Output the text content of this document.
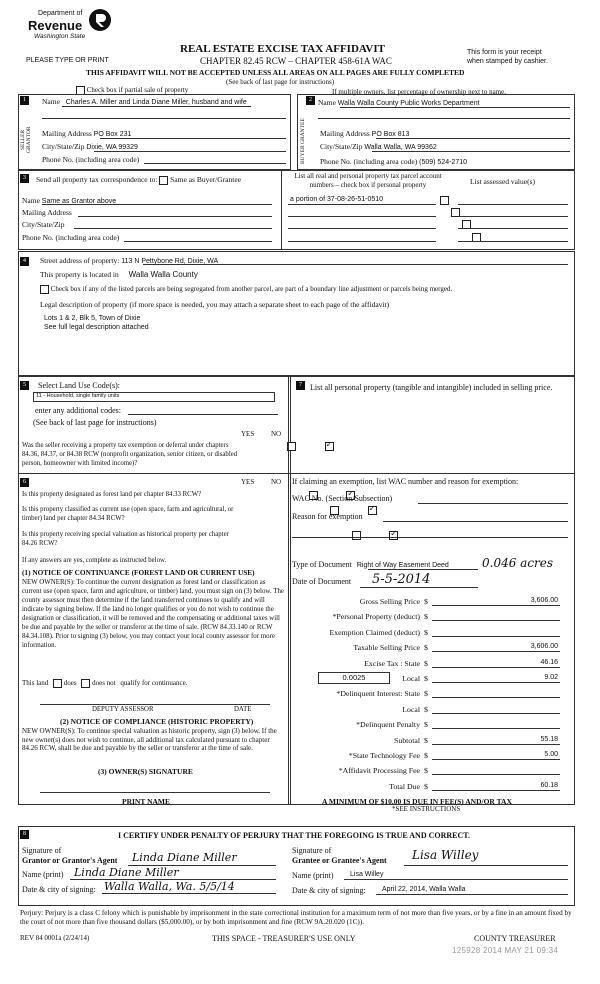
Department of
Revenue
Washington State
PLEASE TYPE OR PRINT
REAL ESTATE EXCISE TAX AFFIDAVIT
CHAPTER 82.45 RCW – CHAPTER 458-61A WAC
This form is your receipt
when stamped by cashier.
THIS AFFIDAVIT WILL NOT BE ACCEPTED UNLESS ALL AREAS ON ALL PAGES ARE FULLY COMPLETED
(See back of last page for instructions)
Check box if partial sale of property	If multiple owners, list percentage of ownership next to name.
1
SELLER GRANTOR
Name Charles A. Miller and Linda Diane Miller, husband and wife
Mailing Address PO Box 231
City/State/Zip Dixie, WA 99329
Phone No. (including area code)
2
BUYER GRANTEE
Name Walla Walla County Public Works Department
Mailing Address PO Box 813
City/State/Zip Walla Walla, WA 99362
Phone No. (including area code) (509) 524-2710
3	Send all property tax correspondence to: Same as Buyer/Grantee
Name Same as Grantor above
Mailing Address
City/State/Zip
Phone No. (including area code)
List all real and personal property tax parcel account numbers – check box if personal property	List assessed value(s)
a portion of 37-08-26-51-0510

4	Street address of property: 113 N Pettybone Rd, Dixie, WA
This property is located in Walla Walla County
Check box if any of the listed parcels are being segregated from another parcel, are part of a boundary line adjustment or parcels being merged.
Legal description of property (if more space is needed, you may attach a separate sheet to each page of the affidavit)
Lots 1 & 2, Blk 5, Town of Dixie
See full legal description attached
5	Select Land Use Code(s):
11 - Household, single family units
enter any additional codes:
(See back of last page for instructions)
YES NO
Was the seller receiving a property tax exemption or deferral under chapters 84.36, 84.37, or 84.38 RCW (nonprofit organization, senior citizen, or disabled person, homeowner with limited income)?
✓
7	List all personal property (tangible and intangible) included in selling price.
6	YES NO
Is this property designated as forest land per chapter 84.33 RCW?
✓
Is this property classified as current use (open space, farm and agricultural, or timber) land per chapter 84.34 RCW?
✓
Is this property receiving special valuation as historical property per chapter 84.26 RCW?
✓
If any answers are yes, complete as instructed below.
(1) NOTICE OF CONTINUANCE (FOREST LAND OR CURRENT USE)
NEW OWNER(S): To continue the current designation as forest land or classification as current use (open space, farm and agriculture, or timber) land, you must sign on (3) below. The county assessor must then determine if the land transferred continues to qualify and will indicate by signing below. If the land no longer qualifies or you do not wish to continue the designation or classification, it will be removed and the compensating or additional taxes will be due and payable by the seller or transferor at the time of sale. (RCW 84.33.140 or RCW 84.34.108). Prior to signing (3) below, you may contact your local county assessor for more information.
This land does does not qualify for continuance.
DEPUTY ASSESSOR	DATE
(2) NOTICE OF COMPLIANCE (HISTORIC PROPERTY)
NEW OWNER(S): To continue special valuation as historic property, sign (3) below. If the new owner(s) does not wish to continue, all additional tax calculated pursuant to chapter 84.26 RCW, shall be due and payable by the seller or transferor at the time of sale.
(3) OWNER(S) SIGNATURE
PRINT NAME
If claiming an exemption, list WAC number and reason for exemption:
WAC No. (Section/Subsection)
Reason for exemption
Type of Document Right of Way Easement Deed	0.046 acres
Date of Document 5-5-2014
Gross Selling Price $	3,606.00
*Personal Property (deduct) $
Exemption Claimed (deduct) $
Taxable Selling Price $	3,606.00
Excise Tax : State $	46.16
Local
0.0025	$	9.02
*Delinquent Interest: State $
Local $
*Delinquent Penalty $
Subtotal $	55.18
*State Technology Fee $	5.00
*Affidavit Processing Fee $
Total Due $	60.18
A MINIMUM OF $10.00 IS DUE IN FEE(S) AND/OR TAX
*SEE INSTRUCTIONS
8	I CERTIFY UNDER PENALTY OF PERJURY THAT THE FOREGOING IS TRUE AND CORRECT.
Signature of
Grantor or Grantor's Agent Linda Diane Miller
Name (print) Linda Diane Miller
Date & city of signing: Walla Walla, Wa. 5/5/14
Signature of
Grantee or Grantee's Agent Lisa Willey
Name (print) Lisa Willey
Date & city of signing: April 22, 2014, Walla Walla
Perjury: Perjury is a class C felony which is punishable by imprisonment in the state correctional institution for a maximum term of not more than five years, or by a fine in an amount fixed by the court of not more than five thousand dollars ($5,000.00), or by both imprisonment and fine (RCW 9A.20.020 (1C)).
REV 84 0001a (2/24/14)	THIS SPACE - TREASURER'S USE ONLY	COUNTY TREASURER
125928 2014 MAY 21 09:34
